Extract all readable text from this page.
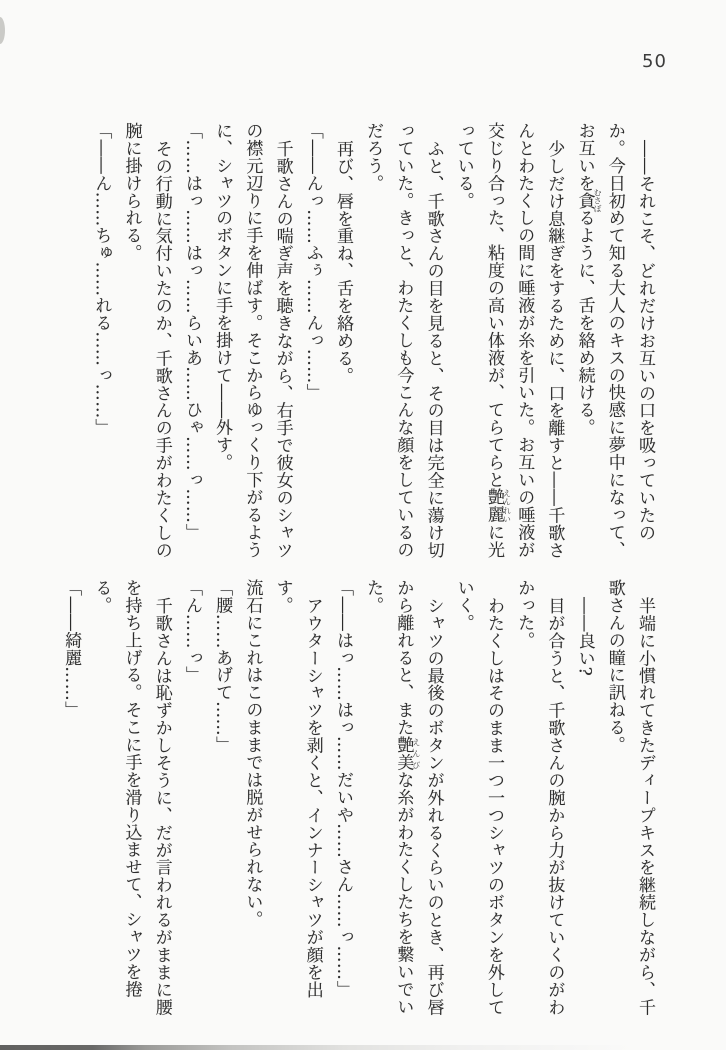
50

――それこそ、どれだけお互いの口を吸っていたのか。今日初めて知る大人のキスの快感に夢中になって、お互いを貪むさぼるように、舌を絡め続ける。

少しだけ息継ぎをするために、口を離すと――千歌さんとわたくしの間に唾液が糸を引いた。お互いの唾液が交じり合った、粘度の高い体液が、てらてらと艶麗えんれいに光っている。

ふと、千歌さんの目を見ると、その目は完全に蕩け切っていた。きっと、わたくしも今こんな顔をしているのだろう。

再び、唇を重ね、舌を絡める。

「――んっ……ふぅ……んっ……」

千歌さんの喘ぎ声を聴きながら、右手で彼女のシャツの襟元辺りに手を伸ばす。そこからゆっくり下がるように、シャツのボタンに手を掛けて――外す。

「……はっ……はっ……らいあ……ひゃ……っ……」

その行動に気付いたのか、千歌さんの手がわたくしの腕に掛けられる。

「――ん……ちゅ……れる……っ……」

半端に小慣れてきたディープキスを継続しながら、千歌さんの瞳に訊ねる。

――良い?

目が合うと、千歌さんの腕から力が抜けていくのがわかった。

わたくしはそのまま一つ一つシャツのボタンを外していく。

シャツの最後のボタンが外れるくらいのとき、再び唇から離れると、また艶美えんびな糸がわたくしたちを繋いでいた。

「――はっ……はっ……だいや……さん……っ……」

アウターシャツを剥くと、インナーシャツが顔を出す。

流石にこれはこのままでは脱がせられない。

「腰……あげて……」

「ん……っ」

千歌さんは恥ずかしそうに、だが言われるがままに腰を持ち上げる。そこに手を滑り込ませて、シャツを捲る。

「――綺麗……」
